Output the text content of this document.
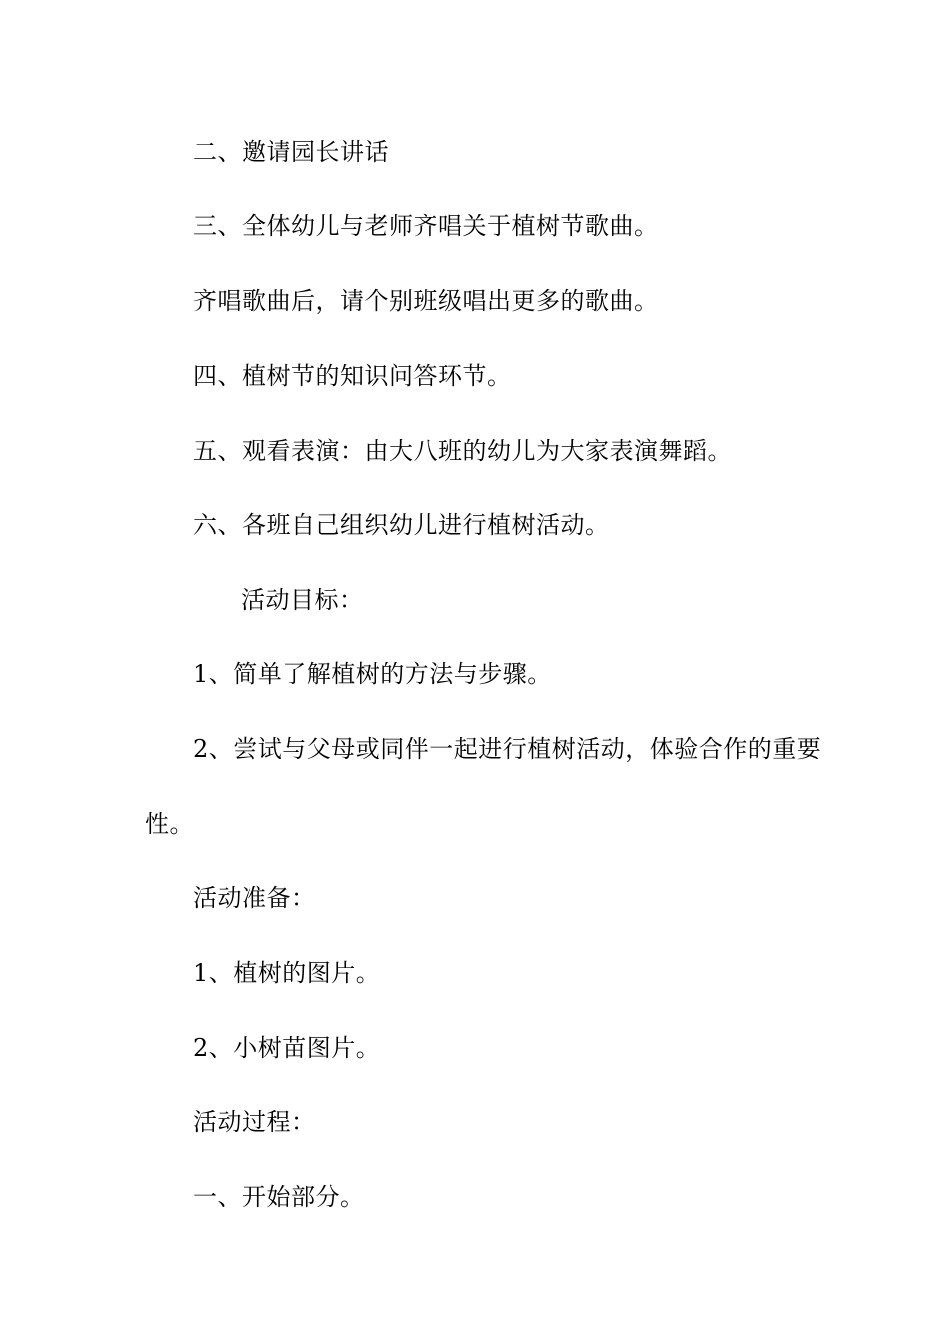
二、邀请园长讲话
三、全体幼儿与老师齐唱关于植树节歌曲。
齐唱歌曲后，请个别班级唱出更多的歌曲。
四、植树节的知识问答环节。
五、观看表演：由大八班的幼儿为大家表演舞蹈。
六、各班自己组织幼儿进行植树活动。
活动目标：
1、简单了解植树的方法与步骤。
2、尝试与父母或同伴一起进行植树活动，体验合作的重要
性。
活动准备：
1、植树的图片。
2、小树苗图片。
活动过程：
一、开始部分。
